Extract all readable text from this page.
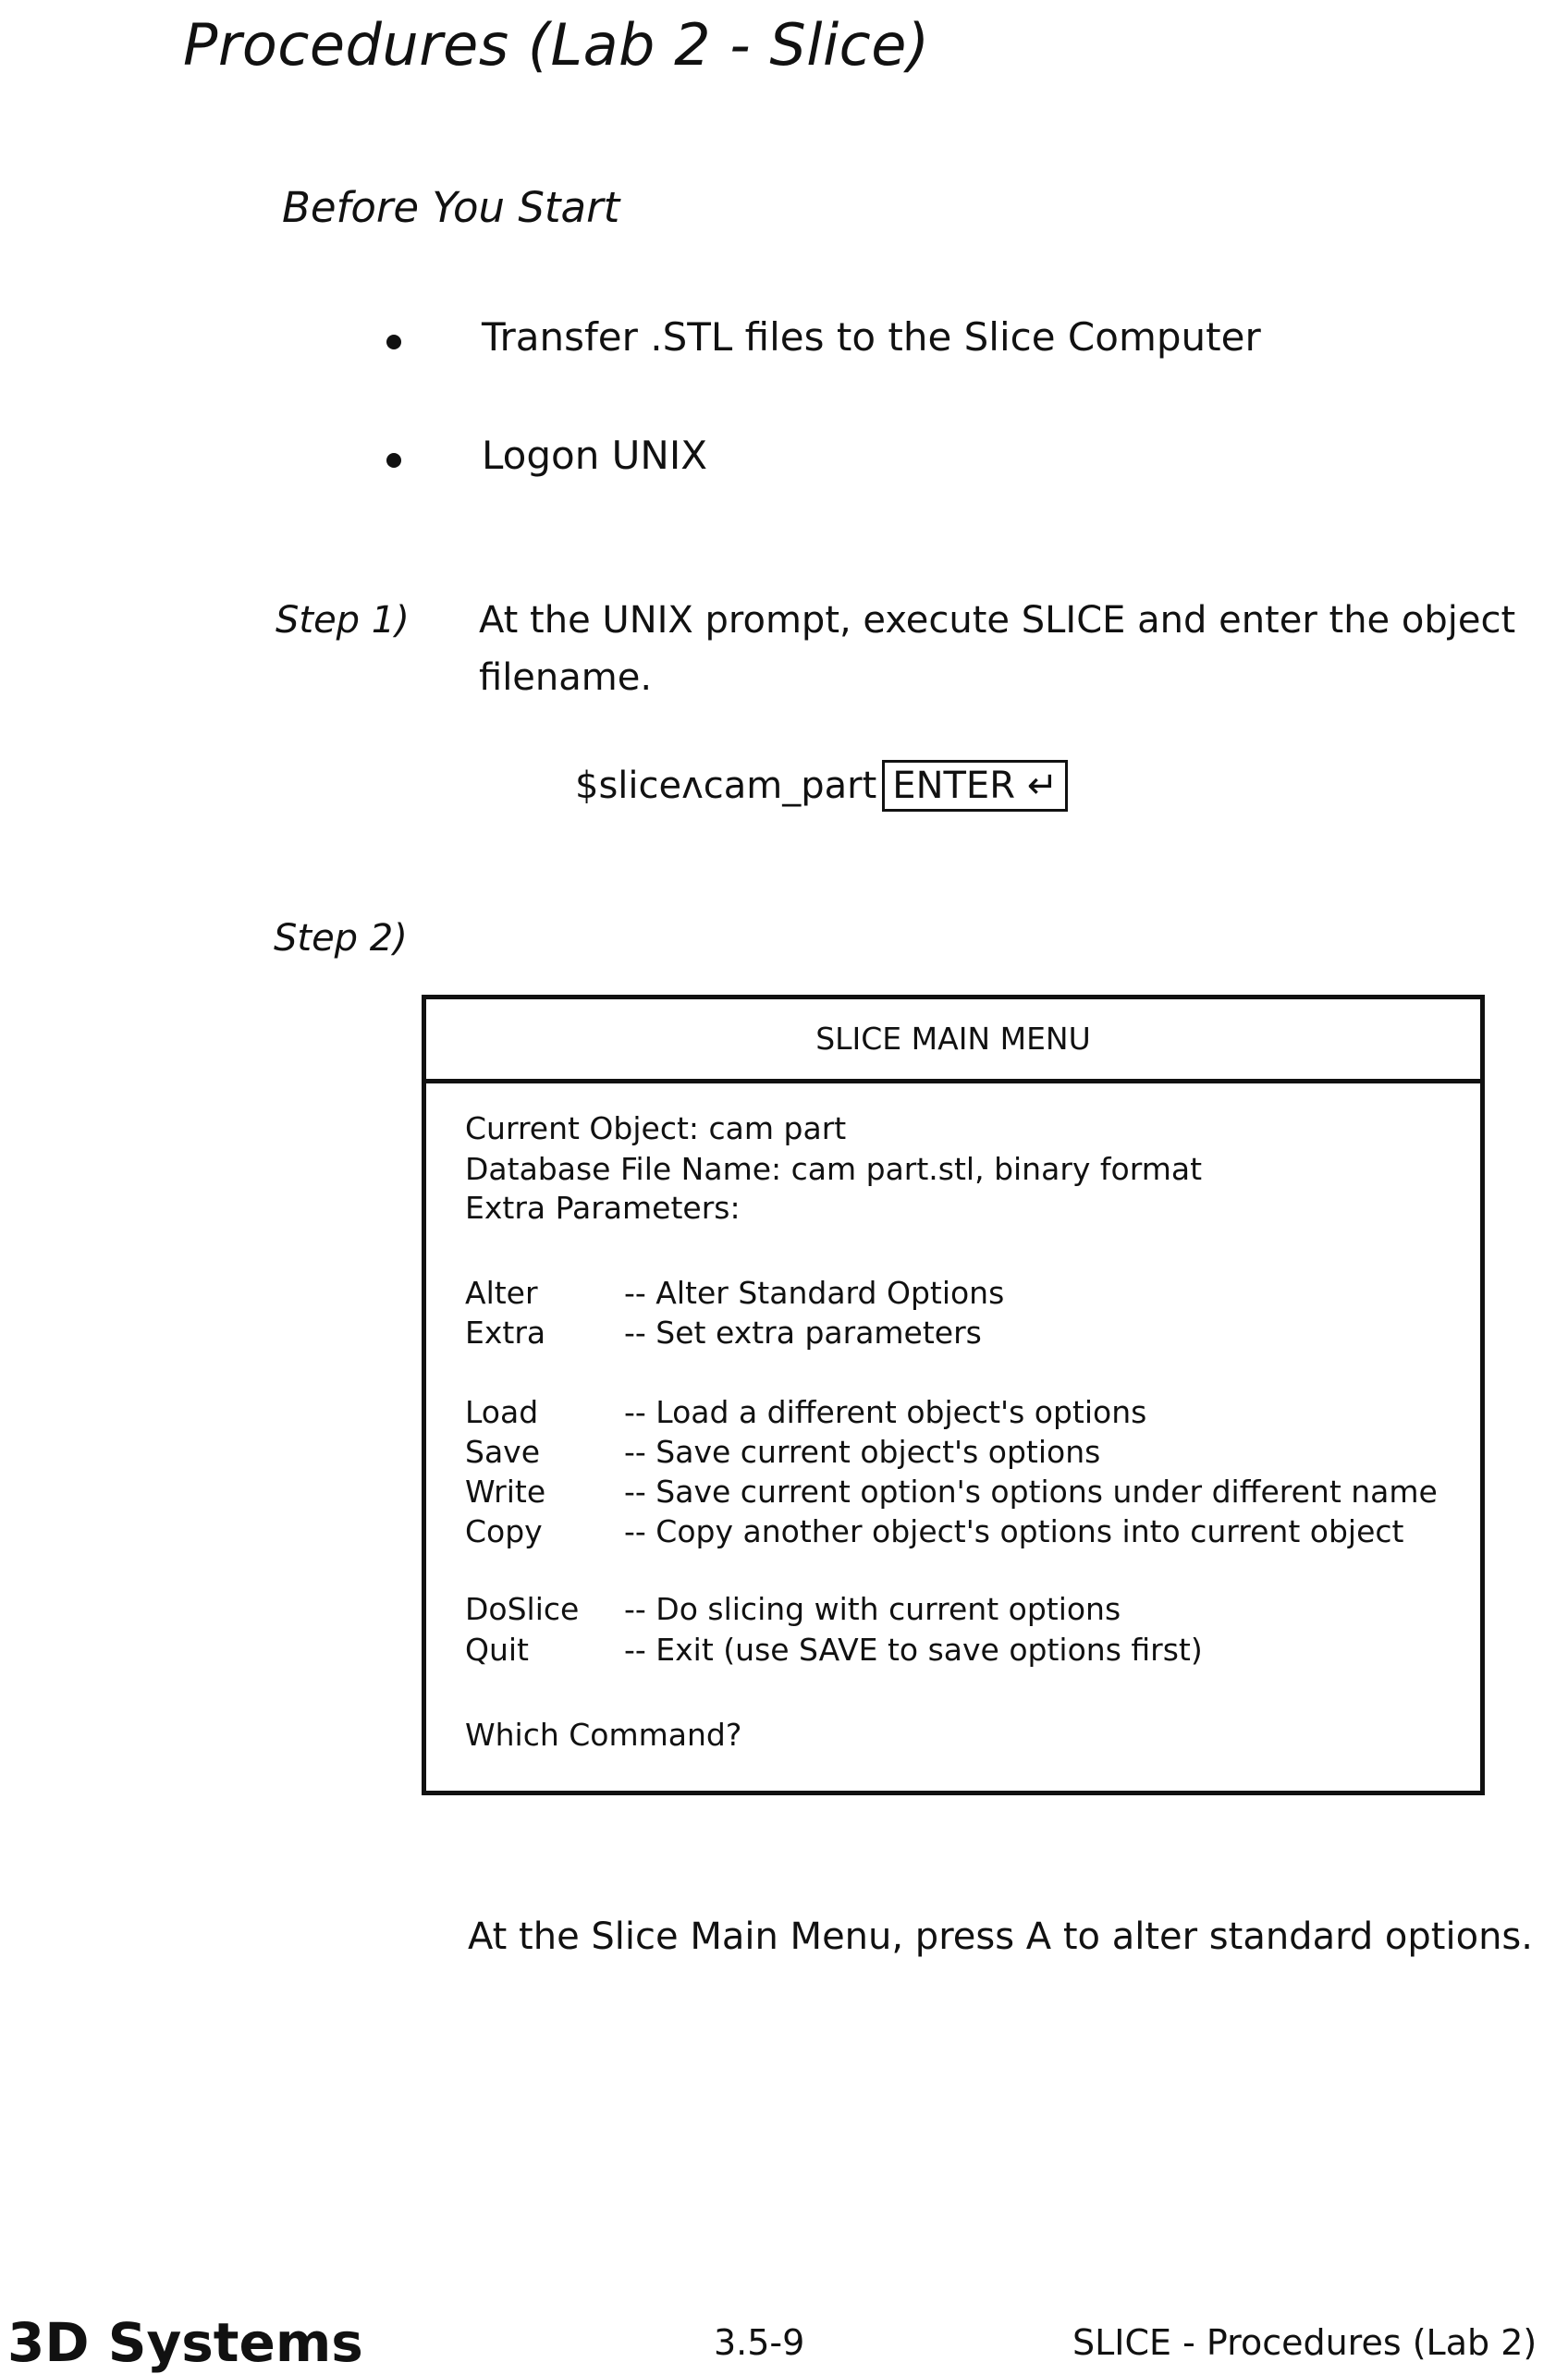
Procedures (Lab 2 - Slice)
Before You Start
Transfer .STL files to the Slice Computer
Logon UNIX
Step 1) At the UNIX prompt, execute SLICE and enter the object
filename.
$sliceʌcam_part ENTER ↵
Step 2)
SLICE MAIN MENU
Current Object: cam part
Database File Name: cam part.stl, binary format
Extra Parameters:
Alter	-- Alter Standard Options
Extra	-- Set extra parameters
Load	-- Load a different object's options
Save	-- Save current object's options
Write	-- Save current option's options under different name
Copy	-- Copy another object's options into current object
DoSlice -- Do slicing with current options
Quit	-- Exit (use SAVE to save options first)
Which Command?
At the Slice Main Menu, press A to alter standard options.
3D Systems	3.5-9	SLICE - Procedures (Lab 2)
